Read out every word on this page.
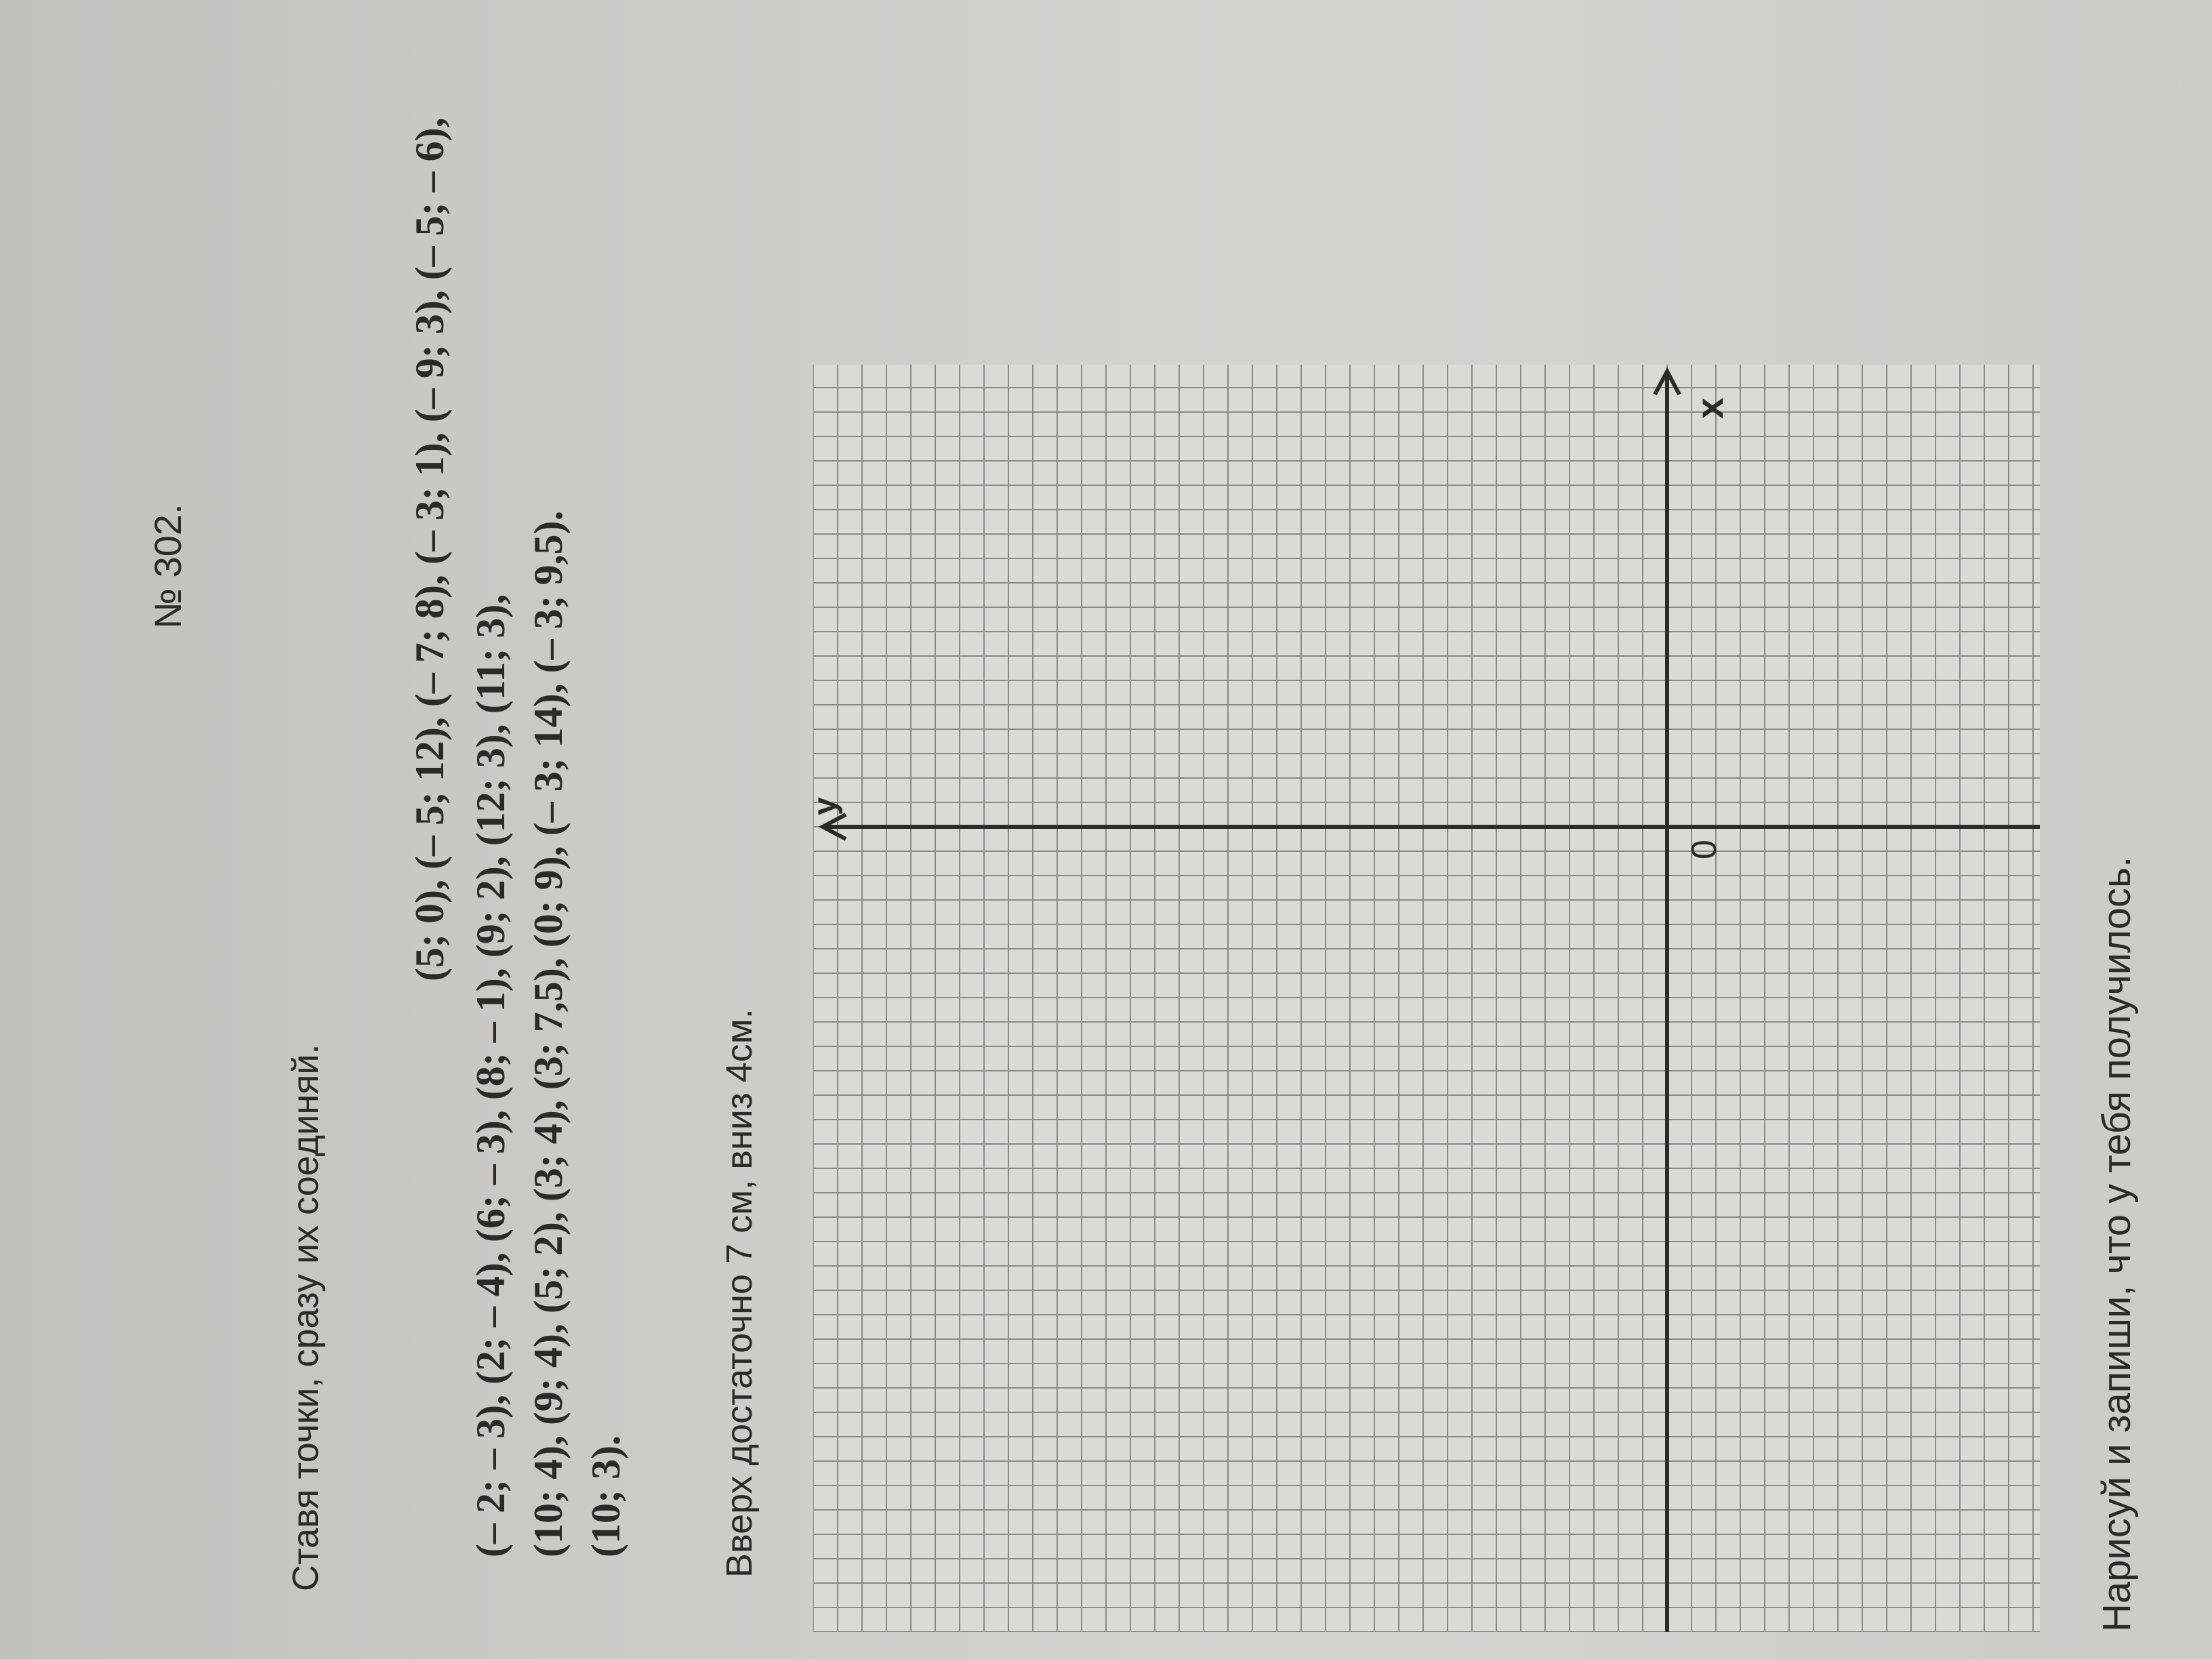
№ 302.
Ставя точки, сразу их соединяй.
(5; 0), (– 5; 12), (– 7; 8), (– 3; 1), (– 9; 3), (– 5; – 6),
(– 2; – 3), (2; – 4), (6; – 3), (8; – 1), (9; 2), (12; 3), (11; 3), (10; 4), (9; 4), (5; 2), (3; 4), (3; 7,5), (0; 9), (– 3; 14), (– 3; 9,5). (10; 3). Вверх достаточно 7 см, вниз 4см.
y
x
0
Нарисуй и запиши, что у тебя получилось.
